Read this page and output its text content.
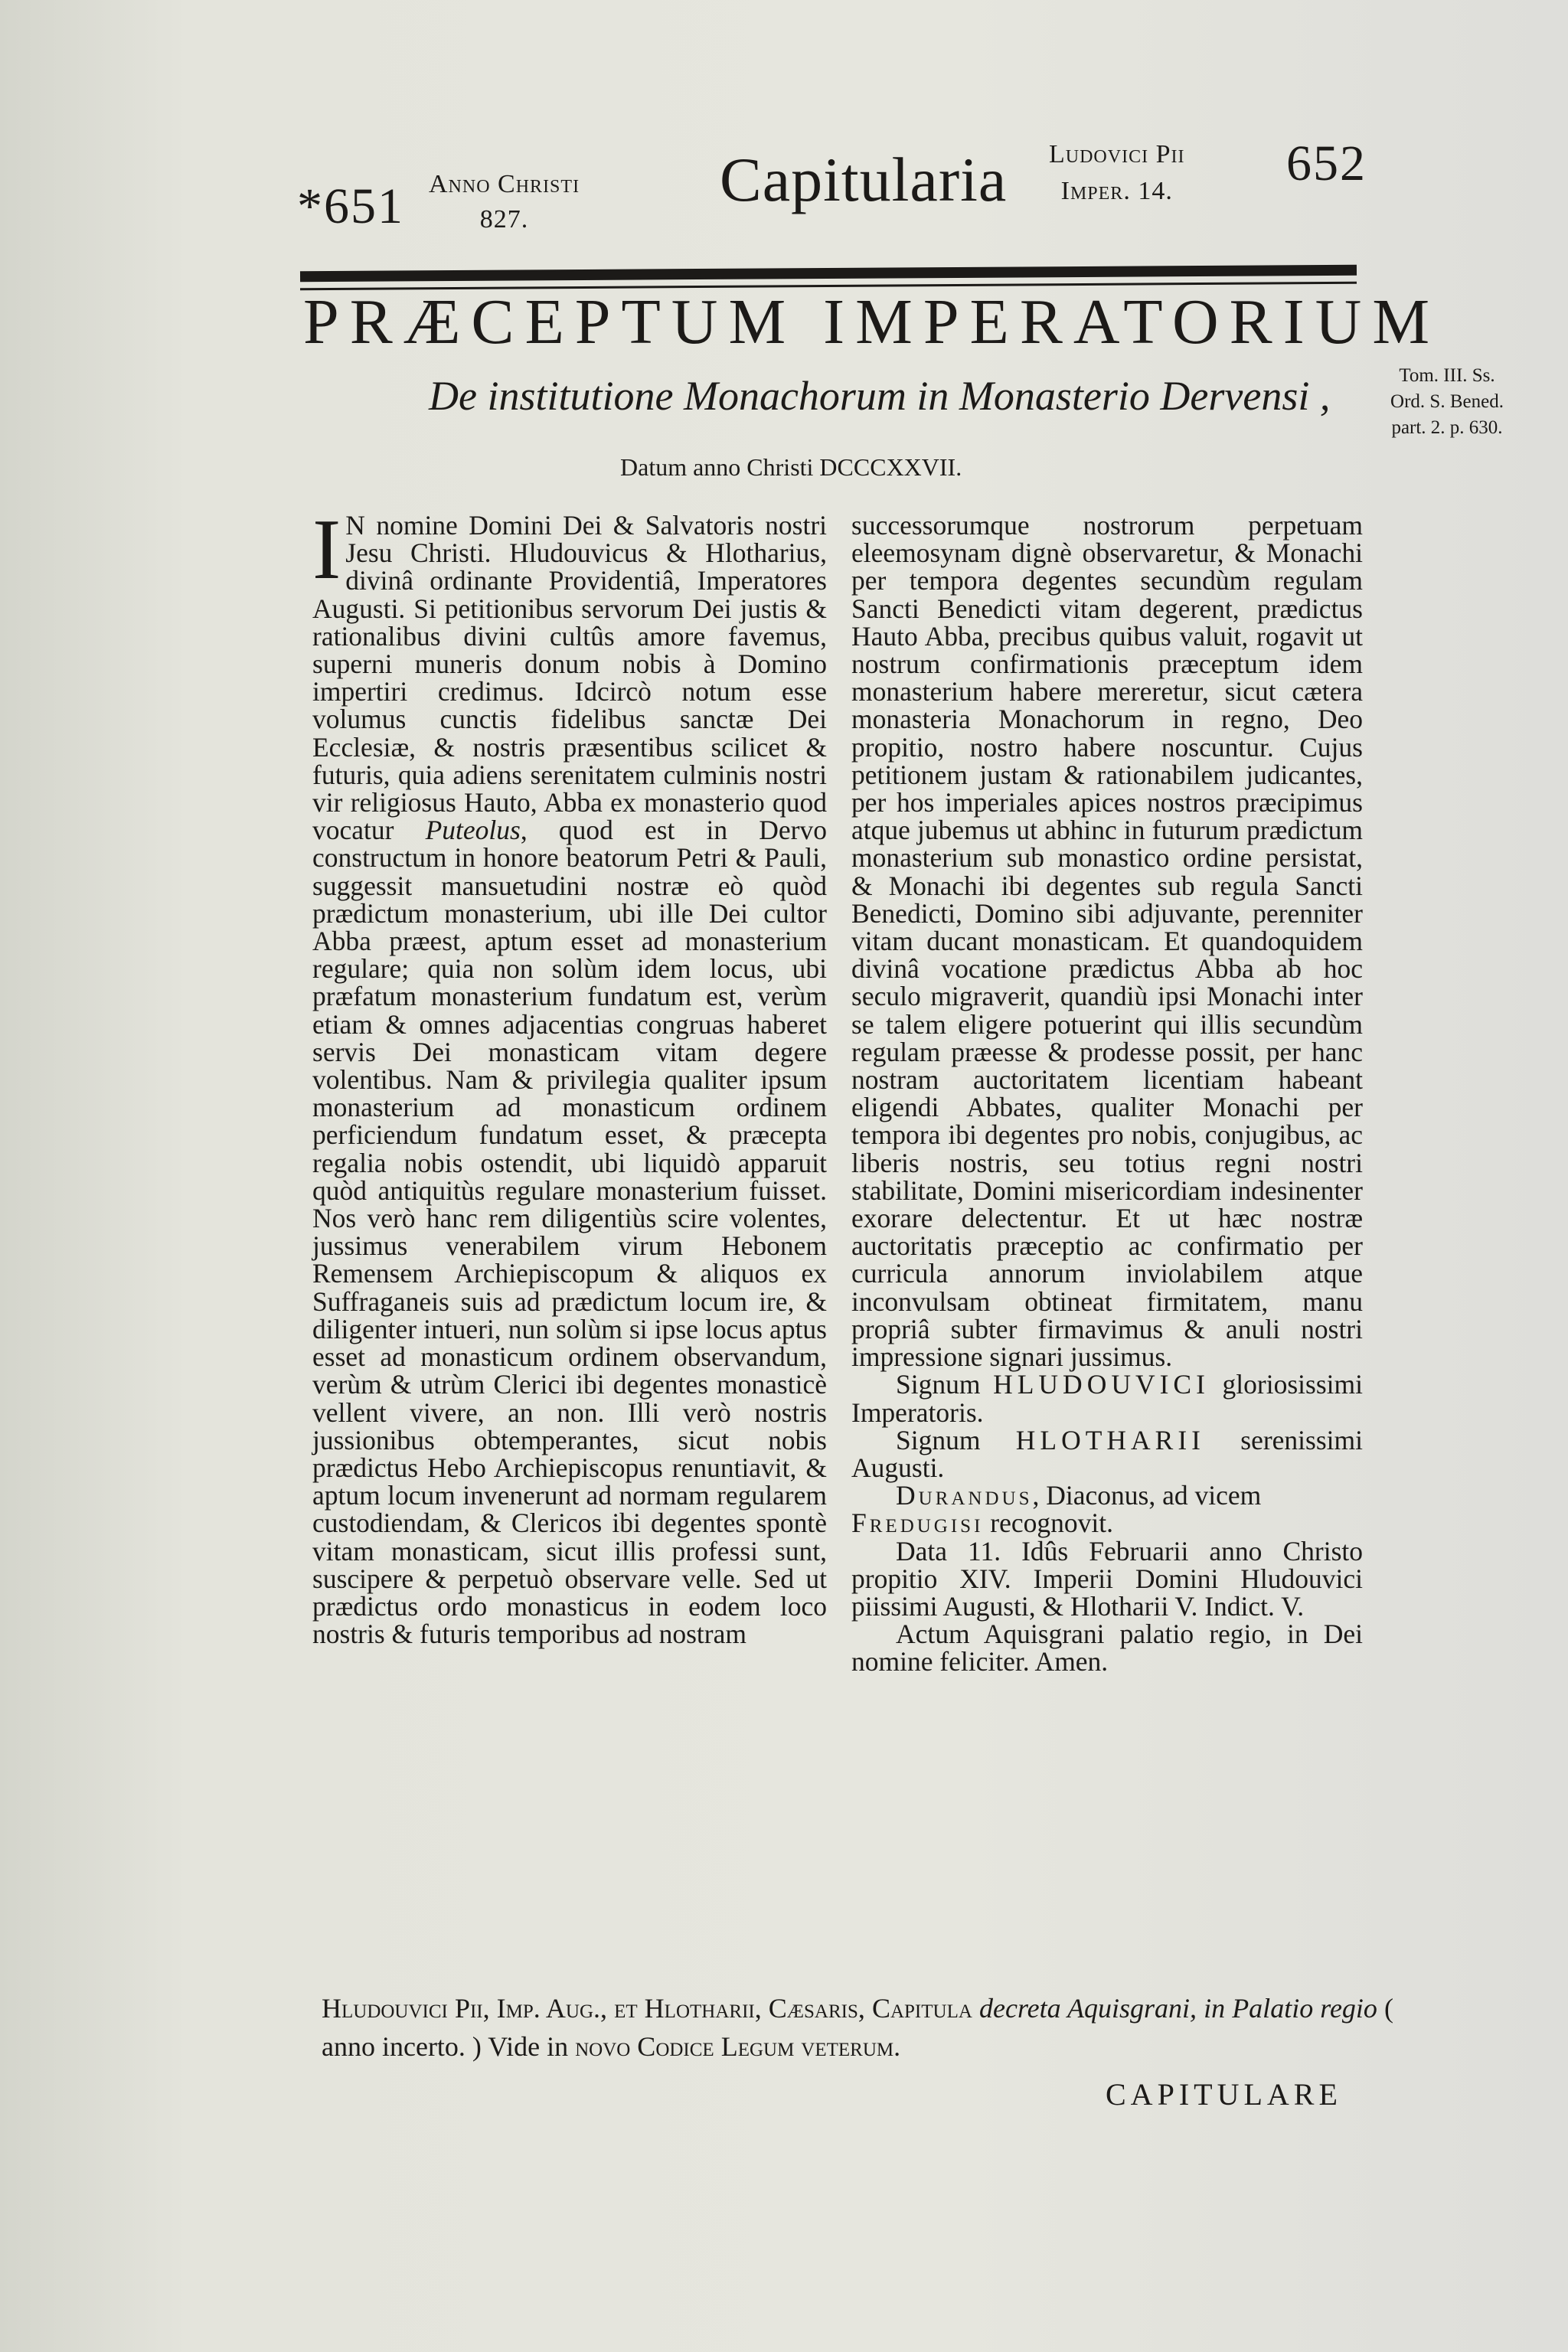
*651 Anno Christi
827.
Capitularia Ludovici Pii
Imper. 14. 652
PRÆCEPTUM IMPERATORIUM
De institutione Monachorum in Monasterio Dervensi ,
Datum anno Christi DCCCXXVII.
Tom. III. Ss. Ord. S. Bened. part. 2. p. 630.

I N nomine Domini Dei & Salvatoris nostri Jesu Christi. Hludouvicus & Hlotharius, divinâ ordinante Providentiâ, Imperatores Augusti. Si petitionibus servorum Dei justis & rationalibus divini cultûs amore favemus, superni muneris donum nobis à Domino impertiri credimus. Idcircò notum esse volumus cunctis fidelibus sanctæ Dei Ecclesiæ, & nostris præsentibus scilicet & futuris, quia adiens serenitatem culminis nostri vir religiosus Hauto, Abba ex monasterio quod vocatur Puteolus, quod est in Dervo constructum in honore beatorum Petri & Pauli, suggessit mansuetudini nostræ eò quòd prædictum monasterium, ubi ille Dei cultor Abba præest, aptum esset ad monasterium regulare; quia non solùm idem locus, ubi præfatum monasterium fundatum est, verùm etiam & omnes adjacentias congruas haberet servis Dei monasticam vitam degere volentibus. Nam & privilegia qualiter ipsum monasterium ad monasticum ordinem perficiendum fundatum esset, & præcepta regalia nobis ostendit, ubi liquidò apparuit quòd antiquitùs regulare monasterium fuisset. Nos verò hanc rem diligentiùs scire volentes, jussimus venerabilem virum Hebonem Remensem Archiepiscopum & aliquos ex Suffraganeis suis ad prædictum locum ire, & diligenter intueri, nun solùm si ipse locus aptus esset ad monasticum ordinem observandum, verùm & utrùm Clerici ibi degentes monasticè vellent vivere, an non. Illi verò nostris jussionibus obtemperantes, sicut nobis prædictus Hebo Archiepiscopus renuntiavit, & aptum locum invenerunt ad normam regularem custodiendam, & Clericos ibi degentes spontè vitam monasticam, sicut illis professi sunt, suscipere & perpetuò observare velle. Sed ut prædictus ordo monasticus in eodem loco nostris & futuris temporibus ad nostram

successorumque nostrorum perpetuam eleemosynam dignè observaretur, & Monachi per tempora degentes secundùm regulam Sancti Benedicti vitam degerent, prædictus Hauto Abba, precibus quibus valuit, rogavit ut nostrum confirmationis præceptum idem monasterium habere mereretur, sicut cætera monasteria Monachorum in regno, Deo propitio, nostro habere noscuntur. Cujus petitionem justam & rationabilem judicantes, per hos imperiales apices nostros præcipimus atque jubemus ut abhinc in futurum prædictum monasterium sub monastico ordine persistat, & Monachi ibi degentes sub regula Sancti Benedicti, Domino sibi adjuvante, perenniter vitam ducant monasticam. Et quandoquidem divinâ vocatione prædictus Abba ab hoc seculo migraverit, quandiù ipsi Monachi inter se talem eligere potuerint qui illis secundùm regulam præesse & prodesse possit, per hanc nostram auctoritatem licentiam habeant eligendi Abbates, qualiter Monachi per tempora ibi degentes pro nobis, conjugibus, ac liberis nostris, seu totius regni nostri stabilitate, Domini misericordiam indesinenter exorare delectentur. Et ut hæc nostræ auctoritatis præceptio ac confirmatio per curricula annorum inviolabilem atque inconvulsam obtineat firmitatem, manu propriâ subter firmavimus & anuli nostri impressione signari jussimus.

Signum HLUDOUVICI gloriosissimi Imperatoris.

Signum HLOTHARII serenissimi Augusti.

Durandus, Diaconus, ad vicem

Fredugisi recognovit.

Data 11. Idûs Februarii anno Christo propitio XIV. Imperii Domini Hludouvici piissimi Augusti, & Hlotharii V. Indict. V.

Actum Aquisgrani palatio regio, in Dei nomine feliciter. Amen.

Hludouvici Pii, Imp. Aug., et Hlotharii, Cæsaris, Capitula decreta Aquisgrani, in Palatio regio ( anno incerto. ) Vide in novo Codice Legum veterum.
CAPITULARE
